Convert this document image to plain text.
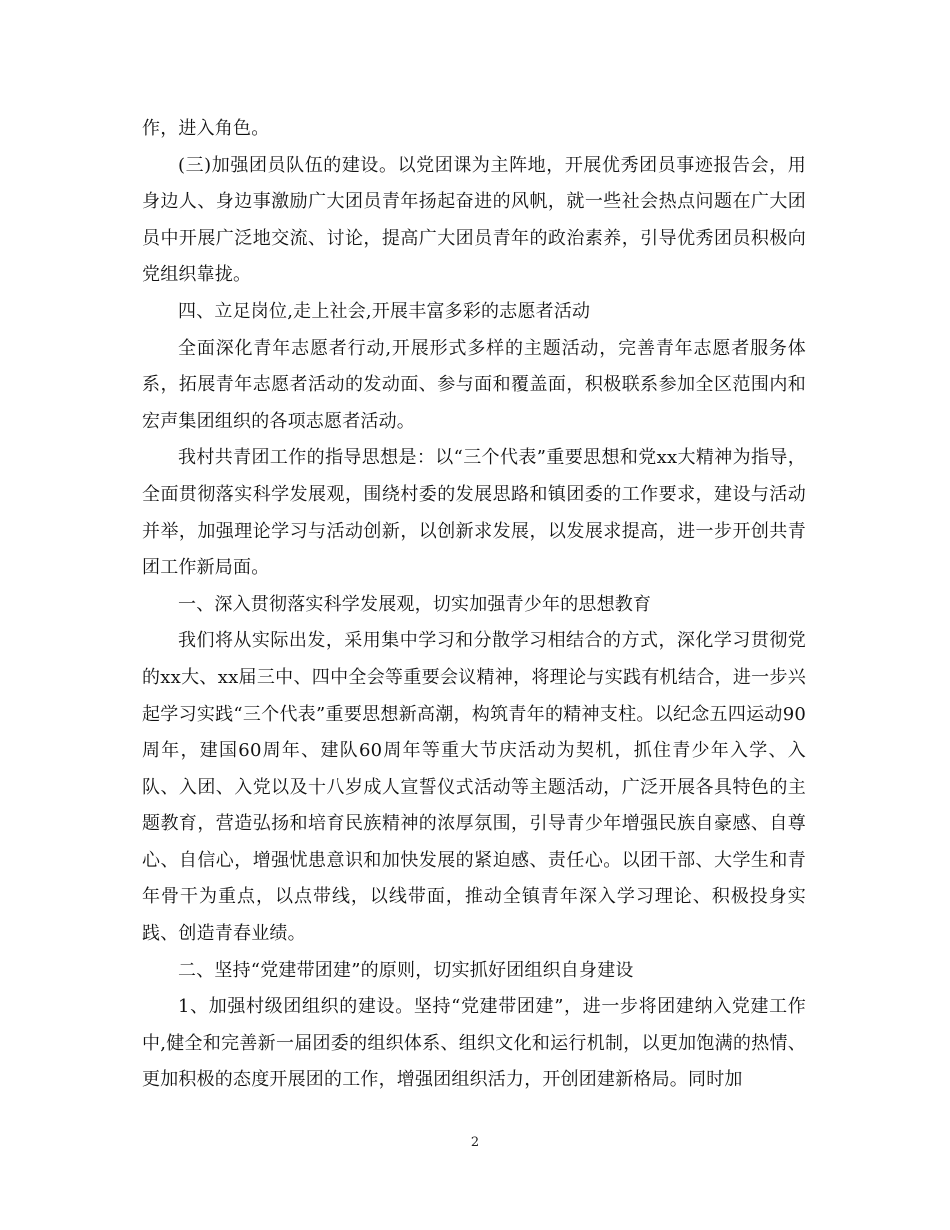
作，进入角色。

(三)加强团员队伍的建设。以党团课为主阵地，开展优秀团员事迹报告会，用身边人、身边事激励广大团员青年扬起奋进的风帆，就一些社会热点问题在广大团员中开展广泛地交流、讨论，提高广大团员青年的政治素养，引导优秀团员积极向党组织靠拢。

四、立足岗位,走上社会,开展丰富多彩的志愿者活动

全面深化青年志愿者行动,开展形式多样的主题活动，完善青年志愿者服务体系，拓展青年志愿者活动的发动面、参与面和覆盖面，积极联系参加全区范围内和宏声集团组织的各项志愿者活动。

我村共青团工作的指导思想是：以“三个代表”重要思想和党xx大精神为指导，全面贯彻落实科学发展观，围绕村委的发展思路和镇团委的工作要求，建设与活动并举，加强理论学习与活动创新，以创新求发展，以发展求提高，进一步开创共青团工作新局面。

一、深入贯彻落实科学发展观，切实加强青少年的思想教育

我们将从实际出发，采用集中学习和分散学习相结合的方式，深化学习贯彻党的xx大、xx届三中、四中全会等重要会议精神，将理论与实践有机结合，进一步兴起学习实践“三个代表”重要思想新高潮，构筑青年的精神支柱。以纪念五四运动90周年，建国60周年、建队60周年等重大节庆活动为契机，抓住青少年入学、入队、入团、入党以及十八岁成人宣誓仪式活动等主题活动，广泛开展各具特色的主题教育，营造弘扬和培育民族精神的浓厚氛围，引导青少年增强民族自豪感、自尊心、自信心，增强忧患意识和加快发展的紧迫感、责任心。以团干部、大学生和青年骨干为重点，以点带线，以线带面，推动全镇青年深入学习理论、积极投身实践、创造青春业绩。

二、坚持“党建带团建”的原则，切实抓好团组织自身建设

1、加强村级团组织的建设。坚持“党建带团建”，进一步将团建纳入党建工作中,健全和完善新一届团委的组织体系、组织文化和运行机制，以更加饱满的热情、更加积极的态度开展团的工作，增强团组织活力，开创团建新格局。同时加

2
